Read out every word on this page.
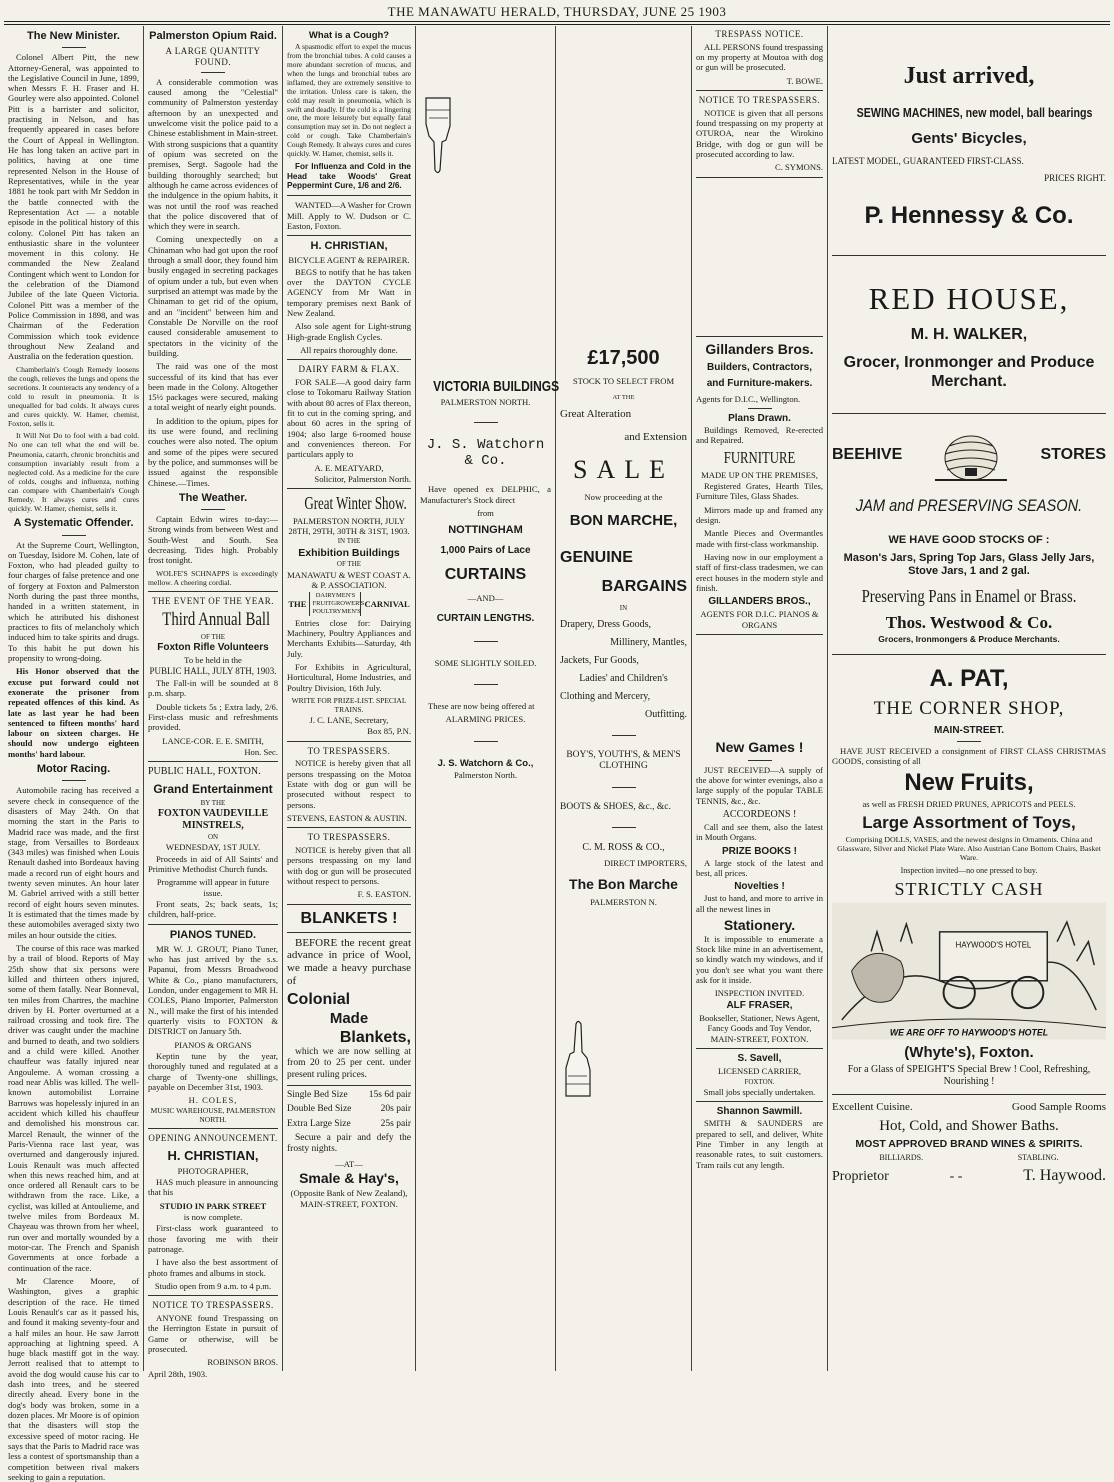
THE MANAWATU HERALD, THURSDAY, JUNE 25 1903
The New Minister.

Colonel Albert Pitt, the new Attorney-General, was appointed to the Legislative Council in June, 1899, when Messrs F. H. Fraser and H. Gourley were also appointed. Colonel Pitt is a barrister and solicitor, practising in Nelson, and has frequently appeared in cases before the Court of Appeal in Wellington. He has long taken an active part in politics, having at one time represented Nelson in the House of Representatives, while in the year 1881 he took part with Mr Seddon in the battle connected with the Representation Act — a notable episode in the political history of this colony. Colonel Pitt has taken an enthusiastic share in the volunteer movement in this colony. He commanded the New Zealand Contingent which went to London for the celebration of the Diamond Jubilee of the late Queen Victoria. Colonel Pitt was a member of the Police Commission in 1898, and was Chairman of the Federation Commission which took evidence throughout New Zealand and Australia on the federation question.

Chamberlain's Cough Remedy loosens the cough, relieves the lungs and opens the secretions. It counteracts any tendency of a cold to result in pneumonia. It is unequalled for bad colds. It always cures and cures quickly. W. Hamer, chemist, Foxton, sells it.

It Will Not Do to fool with a bad cold. No one can tell what the end will be. Pneumonia, catarrh, chronic bronchitis and consumption invariably result from a neglected cold. As a medicine for the cure of colds, coughs and influenza, nothing can compare with Chamberlain's Cough Remedy. It always cures and cures quickly. W. Hamer, chemist, sells it.

A Systematic Offender.

At the Supreme Court, Wellington, on Tuesday, Isidore M. Cohen, late of Foxton, who had pleaded guilty to four charges of false pretence and one of forgery at Foxton and Palmerston North during the past three months, handed in a written statement, in which he attributed his dishonest practices to fits of melancholy which induced him to take spirits and drugs. To this habit he put down his propensity to wrong-doing.

His Honor observed that the excuse put forward could not exonerate the prisoner from repeated offences of this kind. As late as last year he had been sentenced to fifteen months' hard labour on sixteen charges. He should now undergo eighteen months' hard labour.

Motor Racing.

Automobile racing has received a severe check in consequence of the disasters of May 24th. On that morning the start in the Paris to Madrid race was made, and the first stage, from Versailles to Bordeaux (343 miles) was finished when Louis Renault dashed into Bordeaux having made a record run of eight hours and twenty seven minutes. An hour later M. Gabriel arrived with a still better record of eight hours seven minutes. It is estimated that the times made by these automobiles averaged sixty two miles an hour outside the cities.

The course of this race was marked by a trail of blood. Reports of May 25th show that six persons were killed and thirteen others injured, some of them fatally. Near Bonneval, ten miles from Chartres, the machine driven by H. Porter overturned at a railroad crossing and took fire. The driver was caught under the machine and burned to death, and two soldiers and a child were killed. Another chauffeur was fatally injured near Angouleme. A woman crossing a road near Ablis was killed. The well-known automobilist Lorraine Barrows was hopelessly injured in an accident which killed his chauffeur and demolished his monstrous car. Marcel Renault, the winner of the Paris-Vienna race last year, was overturned and dangerously injured. Louis Renault was much affected when this news reached him, and at once ordered all Renault cars to be withdrawn from the race. Like, a cyclist, was killed at Antoulieme, and twelve miles from Bordeaux M. Chayeau was thrown from her wheel, run over and mortally wounded by a motor-car. The French and Spanish Governments at once forbade a continuation of the race.

Mr Clarence Moore, of Washington, gives a graphic description of the race. He timed Louis Renault's car as it passed his, and found it making seventy-four and a half miles an hour. He saw Jarrott approaching at lightning speed. A huge black mastiff got in the way. Jerrott realised that to attempt to avoid the dog would cause his car to dash into trees, and he steered directly ahead. Every bone in the dog's body was broken, some in a dozen places. Mr Moore is of opinion that the disasters will stop the excessive speed of motor racing. He says that the Paris to Madrid race was less a contest of sportsmanship than a competition between rival makers seeking to gain a reputation.

Palmerston Opium Raid.
A LARGE QUANTITY FOUND.

A considerable commotion was caused among the "Celestial" community of Palmerston yesterday afternoon by an unexpected and unwelcome visit the police paid to a Chinese establishment in Main-street. With strong suspicions that a quantity of opium was secreted on the premises, Sergt. Sagoole had the building thoroughly searched; but although he came across evidences of the indulgence in the opium habits, it was not until the roof was reached that the police discovered that of which they were in search.

Coming unexpectedly on a Chinaman who had got upon the roof through a small door, they found him busily engaged in secreting packages of opium under a tub, but even when surprised an attempt was made by the Chinaman to get rid of the opium, and an "incident" between him and Constable De Norville on the roof caused considerable amusement to spectators in the vicinity of the building.

The raid was one of the most successful of its kind that has ever been made in the Colony. Altogether 15½ packages were secured, making a total weight of nearly eight pounds.

In addition to the opium, pipes for its use were found, and reclining couches were also noted. The opium and some of the pipes were secured by the police, and summonses will be issued against the responsible Chinese.—Times.

The Weather.

Captain Edwin wires to-day:—Strong winds from between West and South-West and South. Sea decreasing. Tides high. Probably frost tonight.

WOLFE'S SCHNAPPS is exceedingly mellow. A cheering cordial.

THE EVENT OF THE YEAR.
Third Annual Ball
OF THE
Foxton Rifle Volunteers
To be held in the
PUBLIC HALL, JULY 8TH, 1903.

The Fall-in will be sounded at 8 p.m. sharp.

Double tickets 5s ; Extra lady, 2/6. First-class music and refreshments provided.

LANCE-COR. E. E. SMITH,
Hon. Sec.
PUBLIC HALL, FOXTON.
Grand Entertainment
BY THE
FOXTON VAUDEVILLE MINSTRELS,
ON
WEDNESDAY, 1ST JULY.

Proceeds in aid of All Saints' and Primitive Methodist Church funds.

Programme will appear in future issue.

Front seats, 2s; back seats, 1s; children, half-price.

PIANOS TUNED.

MR W. J. GROUT, Piano Tuner, who has just arrived by the s.s. Papanui, from Messrs Broadwood White & Co., piano manufacturers, London, under engagement to MR H. COLES, Piano Importer, Palmerston N., will make the first of his intended quarterly visits to FOXTON & DISTRICT on January 5th.

PIANOS & ORGANS

Keptin tune by the year, thoroughly tuned and regulated at a charge of Twenty-one shillings, payable on December 31st, 1903.

H. COLES,
MUSIC WAREHOUSE, PALMERSTON NORTH.
OPENING ANNOUNCEMENT.
H. CHRISTIAN,
PHOTOGRAPHER,

HAS much pleasure in announcing that his

STUDIO IN PARK STREET
is now complete.

First-class work guaranteed to those favoring me with their patronage.

I have also the best assortment of photo frames and albums in stock.

Studio open from 9 a.m. to 4 p.m.
NOTICE TO TRESPASSERS.

ANYONE found Trespassing on the Herrington Estate in pursuit of Game or otherwise, will be prosecuted.

ROBINSON BROS.
April 28th, 1903.
What is a Cough?

A spasmodic effort to expel the mucus from the bronchial tubes. A cold causes a more abundant secretion of mucus, and when the lungs and bronchial tubes are inflamed, they are extremely sensitive to the irritation. Unless care is taken, the cold may result in pneumonia, which is swift and deadly. If the cold is a lingering one, the more leisurely but equally fatal consumption may set in. Do not neglect a cold or cough. Take Chamberlain's Cough Remedy. It always cures and cures quickly. W. Hamer, chemist, sells it.

For Influenza and Cold in the Head take Woods' Great Peppermint Cure, 1/6 and 2/6.

WANTED—A Washer for Crown Mill. Apply to W. Dudson or C. Easton, Foxton.

H. CHRISTIAN,
BICYCLE AGENT & REPAIRER.

BEGS to notify that he has taken over the DAYTON CYCLE AGENCY from Mr Watt in temporary premises next Bank of New Zealand.

Also sole agent for Light-strung High-grade English Cycles.

All repairs thoroughly done.
DAIRY FARM & FLAX.

FOR SALE—A good dairy farm close to Tokomaru Railway Station with about 80 acres of Flax thereon, fit to cut in the coming spring, and about 60 acres in the spring of 1904; also large 6-roomed house and conveniences thereon. For particulars apply to

A. E. MEATYARD,
Solicitor, Palmerston North.
Great Winter Show.
PALMERSTON NORTH, JULY 28TH, 29TH, 30TH & 31ST, 1903.
IN THE
Exhibition Buildings
OF THE
MANAWATU & WEST COAST A. & P. ASSOCIATION.
THE
DAIRYMEN'S FRUITGROWER'S POULTRYMEN'S
CARNIVAL

Entries close for: Dairying Machinery, Poultry Appliances and Merchants Exhibits—Saturday, 4th July.

For Exhibits in Agricultural, Horticultural, Home Industries, and Poultry Division, 16th July.

WRITE FOR PRIZE-LIST. SPECIAL TRAINS.
J. C. LANE, Secretary,
Box 85, P.N.
TO TRESPASSERS.

NOTICE is hereby given that all persons trespassing on the Motoa Estate with dog or gun will be prosecuted without respect to persons.

STEVENS, EASTON & AUSTIN.
TO TRESPASSERS.

NOTICE is hereby given that all persons trespassing on my land with dog or gun will be prosecuted without respect to persons.

F. S. EASTON.
BLANKETS !

BEFORE the recent great advance in price of Wool, we made a heavy purchase of

Colonial
Made
Blankets,

which we are now selling at from 20 to 25 per cent. under present ruling prices.

Single Bed Size 15s 6d pair
Double Bed Size	20s pair
Extra Large Size	25s pair

Secure a pair and defy the frosty nights.

—AT—
Smale & Hay's,
(Opposite Bank of New Zealand),
MAIN-STREET, FOXTON.
VICTORIA BUILDINGS
PALMERSTON NORTH.
J. S. Watchorn & Co.

Have opened ex DELPHIC, a Manufacturer's Stock direct

from
NOTTINGHAM
1,000 Pairs of Lace
CURTAINS
—AND—
CURTAIN LENGTHS.
SOME SLIGHTLY SOILED.

These are now being offered at

ALARMING PRICES.
J. S. Watchorn & Co.,
Palmerston North.
£17,500
STOCK TO SELECT FROM
AT THE
Great Alteration
and Extension
SALE
Now proceeding at the
BON MARCHE,
GENUINE
BARGAINS
IN
Drapery, Dress Goods,
Millinery, Mantles,
Jackets, Fur Goods,
Ladies' and Children's
Clothing and Mercery,
Outfitting.
BOY'S, YOUTH'S, & MEN'S CLOTHING
BOOTS & SHOES, &c., &c.
C. M. ROSS & CO.,
DIRECT IMPORTERS,
The Bon Marche
PALMERSTON N.
TRESPASS NOTICE.

ALL PERSONS found trespassing on my property at Moutoa with dog or gun will be prosecuted.

T. BOWE.
NOTICE TO TRESPASSERS.

NOTICE is given that all persons found trespassing on my property at OTUROA, near the Wirokino Bridge, with dog or gun will be prosecuted according to law.

C. SYMONS.
Gillanders Bros.
Builders, Contractors,
and Furniture-makers.
Agents for D.I.C., Wellington.
Plans Drawn.

Buildings Removed, Re-erected and Repaired.

FURNITURE
MADE UP ON THE PREMISES,

Registered Grates, Hearth Tiles, Furniture Tiles, Glass Shades.

Mirrors made up and framed any design.

Mantle Pieces and Overmantles made with first-class workmanship.

Having now in our employment a staff of first-class tradesmen, we can erect houses in the modern style and finish.

GILLANDERS BROS.,
AGENTS FOR D.I.C. PIANOS & ORGANS
New Games !

JUST RECEIVED—A supply of the above for winter evenings, also a large supply of the popular TABLE TENNIS, &c., &c.

ACCORDEONS !

Call and see them, also the latest in Mouth Organs.

PRIZE BOOKS !

A large stock of the latest and best, all prices.

Novelties !

Just to hand, and more to arrive in all the newest lines in

Stationery.

It is impossible to enumerate a Stock like mine in an advertisement, so kindly watch my windows, and if you don't see what you want there ask for it inside.

INSPECTION INVITED.
ALF FRASER,
Bookseller, Stationer, News Agent, Fancy Goods and Toy Vendor,
MAIN-STREET, FOXTON.
S. Savell,
LICENSED CARRIER,
FOXTON.
Small jobs specially undertaken.
Shannon Sawmill.

SMITH & SAUNDERS are prepared to sell, and deliver, White Pine Timber in any length at reasonable rates, to suit customers. Tram rails cut any length.

Just arrived,
SEWING MACHINES, new model, ball bearings
Gents' Bicycles,
LATEST MODEL, GUARANTEED FIRST-CLASS.
PRICES RIGHT.
P. Hennessy & Co.
RED HOUSE,
M. H. WALKER,
Grocer, Ironmonger and Produce Merchant.
BEEHIVE	STORES
JAM and PRESERVING SEASON.
WE HAVE GOOD STOCKS OF :
Mason's Jars, Spring Top Jars, Glass Jelly Jars, Stove Jars, 1 and 2 gal.
Preserving Pans in Enamel or Brass.
Thos. Westwood & Co.
Grocers, Ironmongers & Produce Merchants.
A. PAT,
THE CORNER SHOP,
MAIN-STREET.

HAVE JUST RECEIVED a consignment of FIRST CLASS CHRISTMAS GOODS, consisting of all

New Fruits,
as well as FRESH DRIED PRUNES, APRICOTS and PEELS.
Large Assortment of Toys,
Comprising DOLLS, VASES, and the newest designs in Ornaments. China and Glassware, Silver and Nickel Plate Ware. Also Austrian Cane Bottom Chairs, Basket Ware.
Inspection invited—no one pressed to buy.
STRICTLY CASH
HAYWOOD'S HOTEL
WE ARE OFF TO HAYWOOD'S HOTEL
(Whyte's), Foxton.
For a Glass of SPEIGHT'S Special Brew ! Cool, Refreshing, Nourishing !
Excellent Cuisine.	Good Sample Rooms
Hot, Cold, and Shower Baths.
MOST APPROVED BRAND WINES & SPIRITS.
BILLIARDS.	STABLING.
Proprietor	- -	T. Haywood.
